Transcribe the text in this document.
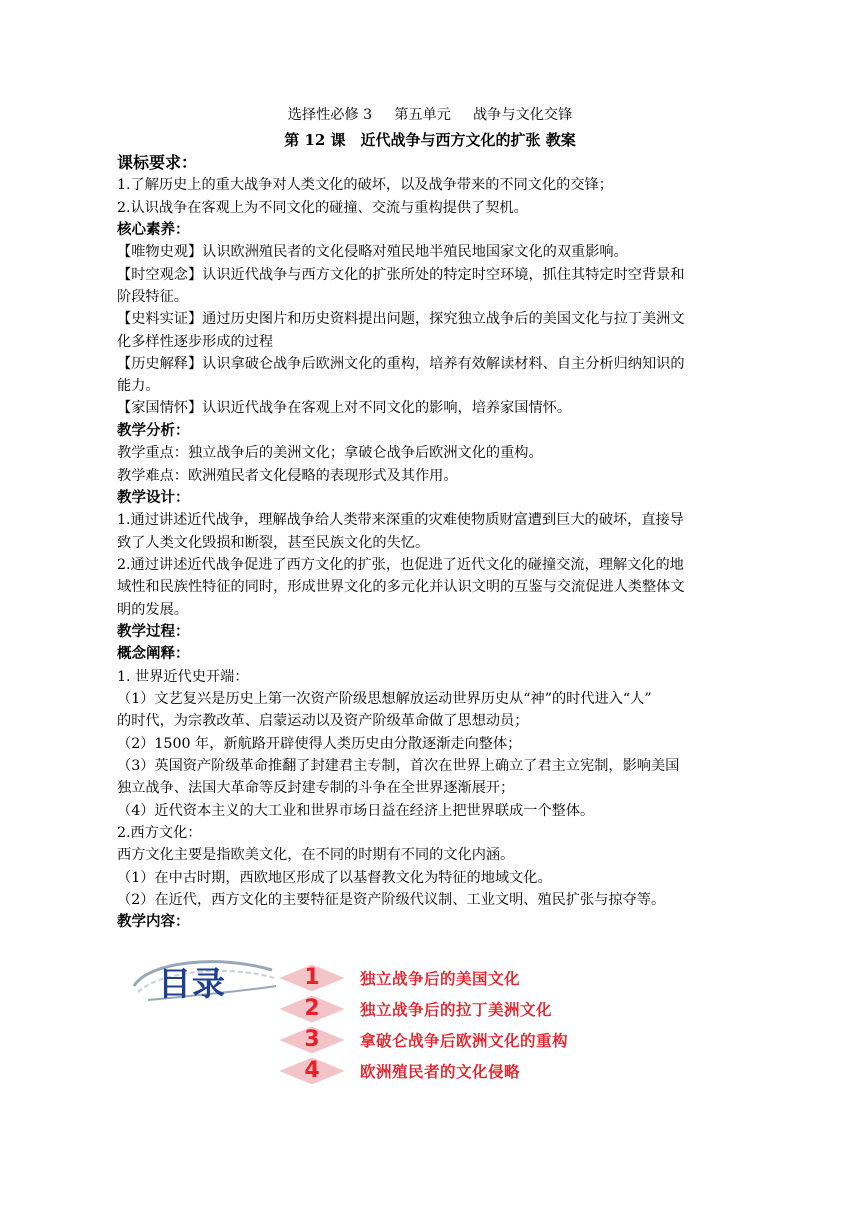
选择性必修 3 第五单元 战争与文化交锋
第 12 课　近代战争与西方文化的扩张 教案
课标要求：
1.了解历史上的重大战争对人类文化的破坏，以及战争带来的不同文化的交锋；
2.认识战争在客观上为不同文化的碰撞、交流与重构提供了契机。
核心素养：
【唯物史观】认识欧洲殖民者的文化侵略对殖民地半殖民地国家文化的双重影响。
【时空观念】认识近代战争与西方文化的扩张所处的特定时空环境，抓住其特定时空背景和
阶段特征。
【史料实证】通过历史图片和历史资料提出问题，探究独立战争后的美国文化与拉丁美洲文
化多样性逐步形成的过程
【历史解释】认识拿破仑战争后欧洲文化的重构，培养有效解读材料、自主分析归纳知识的
能力。
【家国情怀】认识近代战争在客观上对不同文化的影响，培养家国情怀。
教学分析：
教学重点：独立战争后的美洲文化；拿破仑战争后欧洲文化的重构。
教学难点：欧洲殖民者文化侵略的表现形式及其作用。
教学设计：
1.通过讲述近代战争，理解战争给人类带来深重的灾难使物质财富遭到巨大的破坏，直接导
致了人类文化毁损和断裂，甚至民族文化的失忆。
2.通过讲述近代战争促进了西方文化的扩张，也促进了近代文化的碰撞交流，理解文化的地
域性和民族性特征的同时，形成世界文化的多元化并认识文明的互鉴与交流促进人类整体文
明的发展。
教学过程：
概念阐释：
1. 世界近代史开端：
（1）文艺复兴是历史上第一次资产阶级思想解放运动世界历史从“神”的时代进入“人”
的时代，为宗教改革、启蒙运动以及资产阶级革命做了思想动员；
（2）1500 年，新航路开辟使得人类历史由分散逐渐走向整体；
（3）英国资产阶级革命推翻了封建君主专制，首次在世界上确立了君主立宪制，影响美国
独立战争、法国大革命等反封建专制的斗争在全世界逐渐展开；
（4）近代资本主义的大工业和世界市场日益在经济上把世界联成一个整体。
2.西方文化：
西方文化主要是指欧美文化，在不同的时期有不同的文化内涵。
（1）在中古时期，西欧地区形成了以基督教文化为特征的地域文化。
（2）在近代，西方文化的主要特征是资产阶级代议制、工业文明、殖民扩张与掠夺等。
教学内容：
目录	1	独立战争后的美国文化
2	独立战争后的拉丁美洲文化
3	拿破仑战争后欧洲文化的重构
4	欧洲殖民者的文化侵略
